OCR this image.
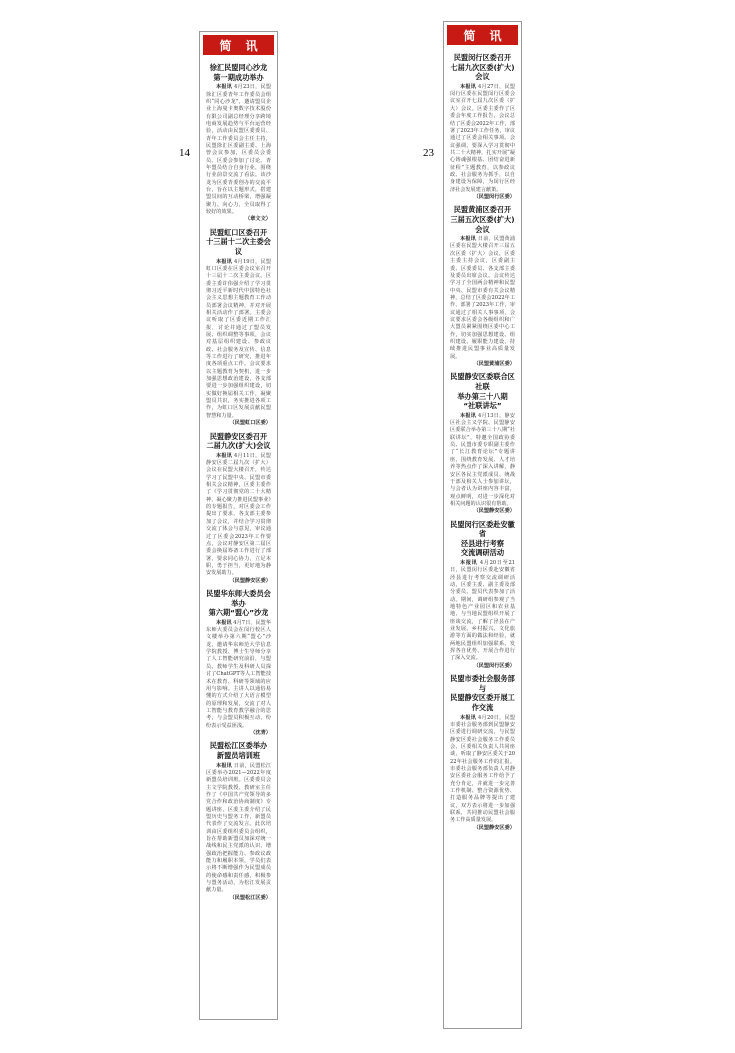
14	23
简讯
徐汇民盟同心沙龙
第一期成功举办

本报讯 4月23日，民盟徐汇区委青年工作委员会组织“同心沙龙”，邀请盟员企业上海曼卡奥数字技术股份有限公司副总经理分享跨境电商发展趋势与平台运营经验，活动由民盟区委委员、青年工作委员会主任主持，民盟徐汇区委副主委、上海曾会议参加，区委员会委员、区委会参加了讨论。青年盟员结合自身行业，围绕行业前景交流了看法。该沙龙为区委青委创办的交流平台，旨在以主题形式，搭建盟员间的互动桥梁，增强凝聚力、向心力，全员取得了较好的效果。

（章文文）
民盟虹口区委召开
十三届十二次主委会议

本报讯 4月19日，民盟虹口区委在区委会议室召开十三届十二次主委会议。区委主委许伟强介绍了学习贯彻习近平新时代中国特色社会主义思想主题教育工作动员部署会议精神，并对开展相关活动作了部署。主委会议听取了区委近期工作汇报，讨论并通过了盟员发展、组织调整等事项，会议对基层组织建设、参政议政、社会服务及宣传、信息等工作进行了研究，推进年度各项重点工作。会议要求以主题教育为契机，进一步加强思想政治建设，各支部要进一步加强组织建设，切实做好换届相关工作，凝聚盟员共识，务实推进各项工作，为虹口区发展贡献民盟智慧和力量。

（民盟虹口区委）
民盟静安区委召开
二届九次(扩大)会议

本报讯 4月11日，民盟静安区委二届九次（扩大）会议在民盟大楼召开，传达学习了民盟中央、民盟市委相关会议精神，区委主委作了《学习贯彻党的二十大精神，凝心聚力推进民盟事业》的专题报告，对区委会工作提出了要求，各支部主委参加了会议，并结合学习贯彻交流了体会与意见，审议通过了区委会2023年工作要点，会议对静安区第二届区委会换届筹备工作进行了部署，要求同心协力，立足本职，勇于担当，更好地为静安发展助力。

（民盟静安区委）
民盟华东师大委员会举办
第六期“盟心”沙龙

本报讯 4月7日，民盟华东师大委员会在闵行校区人文楼举办第六期“盟心”沙龙，邀请华东师范大学信息学院教授、博士生导师分享了人工智能研究前沿，与盟员、教师学生及科研人员探讨了ChatGPT等人工智能技术在教育、科研等领域的应用与影响。主讲人以通俗易懂的方式介绍了大语言模型的原理和发展，交流了对人工智能与教育教学融合的思考，与会盟员积极互动，纷纷表示受益匪浅。

（沈青）
民盟松江区委举办
新盟员培训班

本报讯 日前，民盟松江区委举办2021—2022年度新盟员培训班。区委委员会主文学院教授、教研室主任作了《中国共产党领导的多党合作和政治协商制度》专题讲座，区委主委介绍了民盟历史与盟务工作，新盟员代表作了交流发言。此次培训由区委组织委员会组织，旨在帮助新盟员加深对统一战线和民主党派的认识，增强政治把握能力、参政议政能力和履职本领，学员们表示将不断增强作为民盟成员的使命感和责任感，积极参与盟务活动，为松江发展贡献力量。

（民盟松江区委）
简讯
民盟闵行区委召开
七届九次区委(扩大)会议

本报讯 4月27日，民盟闵行区委在民盟闵行区委会议室召开七届九次区委（扩大）会议。区委主委作了区委会年度工作报告，会议总结了区委会2022年工作，部署了2023年工作任务，审议通过了区委会相关事项。会议强调，要深入学习贯彻中共二十大精神，扎实开展“凝心铸魂强根基、团结奋进新征程”主题教育，以参政议政、社会服务为抓手，以自身建设为保障，为闵行区经济社会发展建言献策。

（民盟闵行区委）
民盟黄浦区委召开
三届五次区委(扩大)会议

本报讯 日前，民盟黄浦区委在民盟大楼召开三届五次区委（扩大）会议，区委主委主持会议，区委副主委、区委委员、各支部主委及委员出席会议。会议传达学习了全国两会精神和民盟中央、民盟市委有关会议精神，总结了区委会2022年工作，部署了2023年工作，审议通过了相关人事事项，会议要求区委会各级组织和广大盟员紧紧围绕区委中心工作，切实加强思想建设、组织建设、履职能力建设，持续推进民盟事业高质量发展。

（民盟黄浦区委）
民盟静安区委联合区社联
举办第三十八期
“社联讲坛”

本报讯 4月13日，静安区社会主义学院、民盟静安区委联合举办第三十八期“社联讲坛”，特邀全国政协委员、民盟市委专职副主委作了“长江教育论坛”专题讲座，围绕教育发展、人才培养等热点作了深入讲解，静安区各民主党派成员、统战干部及相关人士参加讲坛，与会者认为讲座内容丰富，观点鲜明，对进一步深化对相关问题的认识很有帮助。

（民盟静安区委）
民盟闵行区委赴安徽省
泾县进行考察
交流调研活动

本报讯 4月20日至21日，民盟闵行区委赴安徽省泾县进行考察交流调研活动，区委主委、副主委及部分委员、盟员代表参加了活动。期间，调研组参观了当地特色产业园区和农业基地，与当地民盟组织开展了座谈交流，了解了泾县在产业发展、乡村振兴、文化旅游等方面的做法和经验，就两地民盟组织加强联系、发挥各自优势、开展合作进行了深入交流。

（民盟闵行区委）
民盟市委社会服务部与
民盟静安区委开展工作交流

本报讯 4月20日，民盟市委社会服务部到民盟静安区委进行调研交流，与民盟静安区委社会服务工作委员会、区委相关负责人共同座谈，听取了静安区委关于2022年社会服务工作的汇报。市委社会服务部负责人对静安区委社会服务工作给予了充分肯定，并就进一步完善工作机制、整合资源优势、打造服务品牌等提出了建议，双方表示将进一步加强联系，共同推动民盟社会服务工作高质量发展。

（民盟静安区委）
